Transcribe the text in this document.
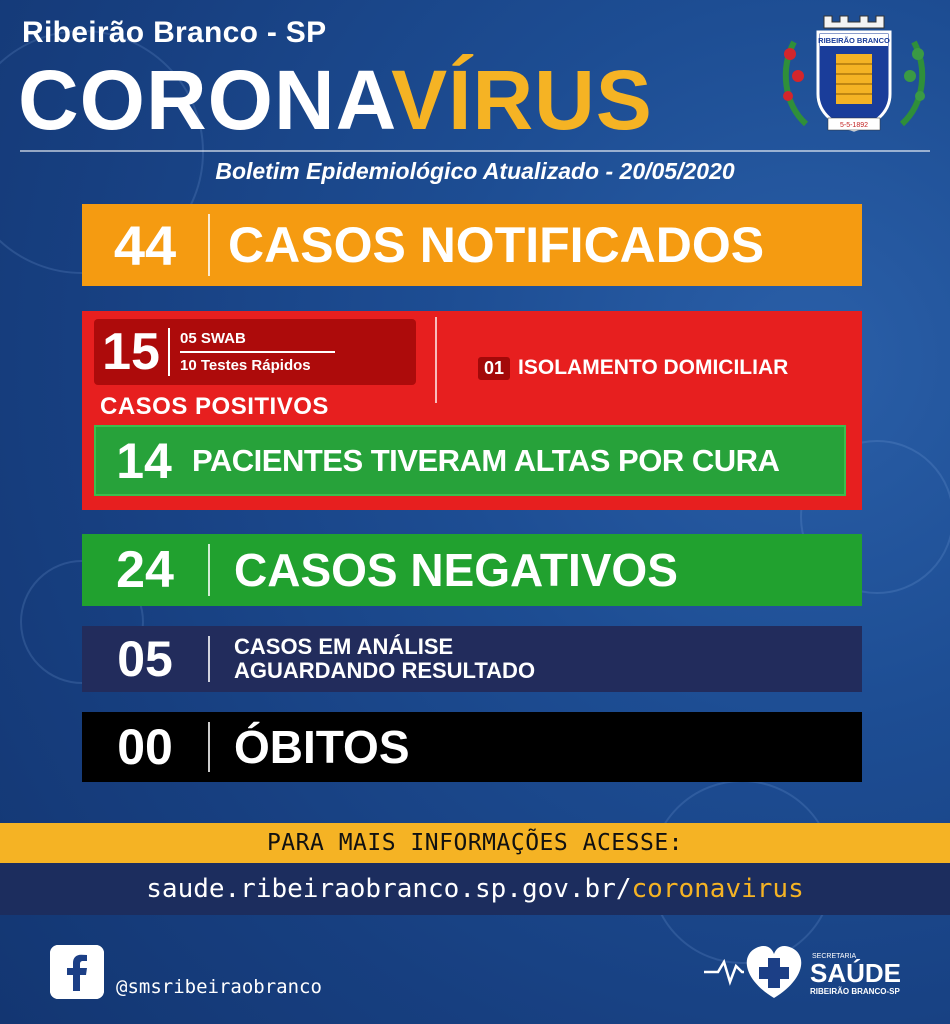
Ribeirão Branco - SP
CORONAVÍRUS
RIBEIRÃO BRANCO
5-5-1892
Boletim Epidemiológico Atualizado - 20/05/2020
44	CASOS NOTIFICADOS
15	05 SWAB
10 Testes Rápidos
CASOS POSITIVOS
01 ISOLAMENTO DOMICILIAR
14 PACIENTES TIVERAM ALTAS POR CURA
24	CASOS NEGATIVOS
05	CASOS EM ANÁLISE
AGUARDANDO RESULTADO
00	ÓBITOS
PARA MAIS INFORMAÇÕES ACESSE:
saude.ribeiraobranco.sp.gov.br/coronavirus
@smsribeiraobranco
SECRETARIA
SAÚDE
RIBEIRÃO BRANCO-SP
